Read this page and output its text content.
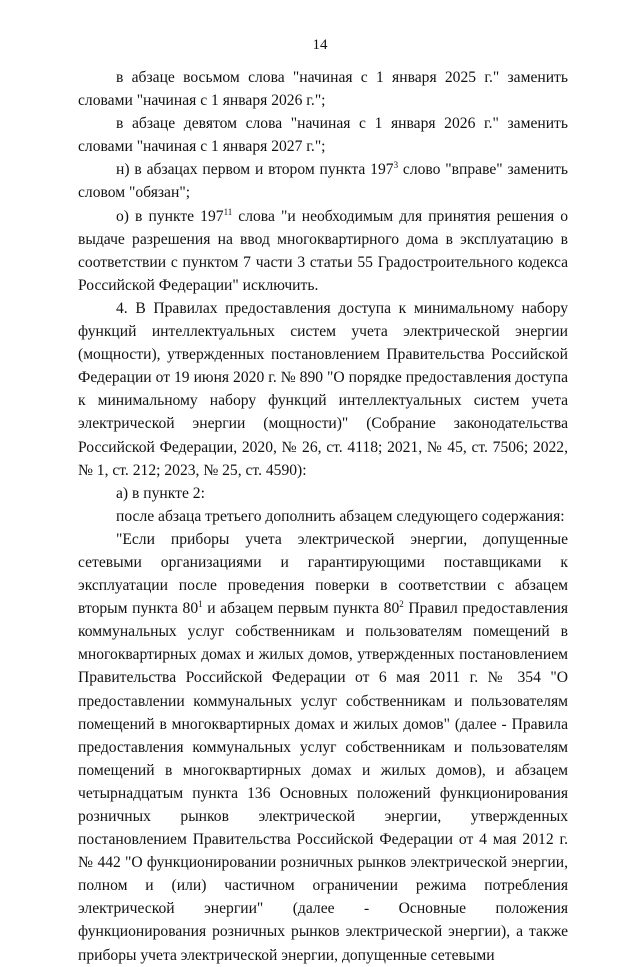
14

в абзаце восьмом слова "начиная с 1 января 2025 г." заменить словами "начиная с 1 января 2026 г.";

в абзаце девятом слова "начиная с 1 января 2026 г." заменить словами "начиная с 1 января 2027 г.";

н) в абзацах первом и втором пункта $197^3$ слово "вправе" заменить словом "обязан";

о) в пункте $197^{11}$ слова "и необходимым для принятия решения о выдаче разрешения на ввод многоквартирного дома в эксплуатацию в соответствии с пунктом 7 части 3 статьи 55 Градостроительного кодекса Российской Федерации" исключить.

4. В Правилах предоставления доступа к минимальному набору функций интеллектуальных систем учета электрической энергии (мощности), утвержденных постановлением Правительства Российской Федерации от 19 июня 2020 г. № 890 "О порядке предоставления доступа к минимальному набору функций интеллектуальных систем учета электрической энергии (мощности)" (Собрание законодательства Российской Федерации, 2020, № 26, ст. 4118; 2021, № 45, ст. 7506; 2022, № 1, ст. 212; 2023, № 25, ст. 4590):

а) в пункте 2:

после абзаца третьего дополнить абзацем следующего содержания:

"Если приборы учета электрической энергии, допущенные сетевыми организациями и гарантирующими поставщиками к эксплуатации после проведения поверки в соответствии с абзацем вторым пункта $80^1$ и абзацем первым пункта $80^2$ Правил предоставления коммунальных услуг собственникам и пользователям помещений в многоквартирных домах и жилых домов, утвержденных постановлением Правительства Российской Федерации от 6 мая 2011 г. № 354 "О предоставлении коммунальных услуг собственникам и пользователям помещений в многоквартирных домах и жилых домов" (далее - Правила предоставления коммунальных услуг собственникам и пользователям помещений в многоквартирных домах и жилых домов), и абзацем четырнадцатым пункта 136 Основных положений функционирования розничных рынков электрической энергии, утвержденных постановлением Правительства Российской Федерации от 4 мая 2012 г. № 442 "О функционировании розничных рынков электрической энергии, полном и (или) частичном ограничении режима потребления электрической энергии" (далее - Основные положения функционирования розничных рынков электрической энергии), а также приборы учета электрической энергии, допущенные сетевыми
